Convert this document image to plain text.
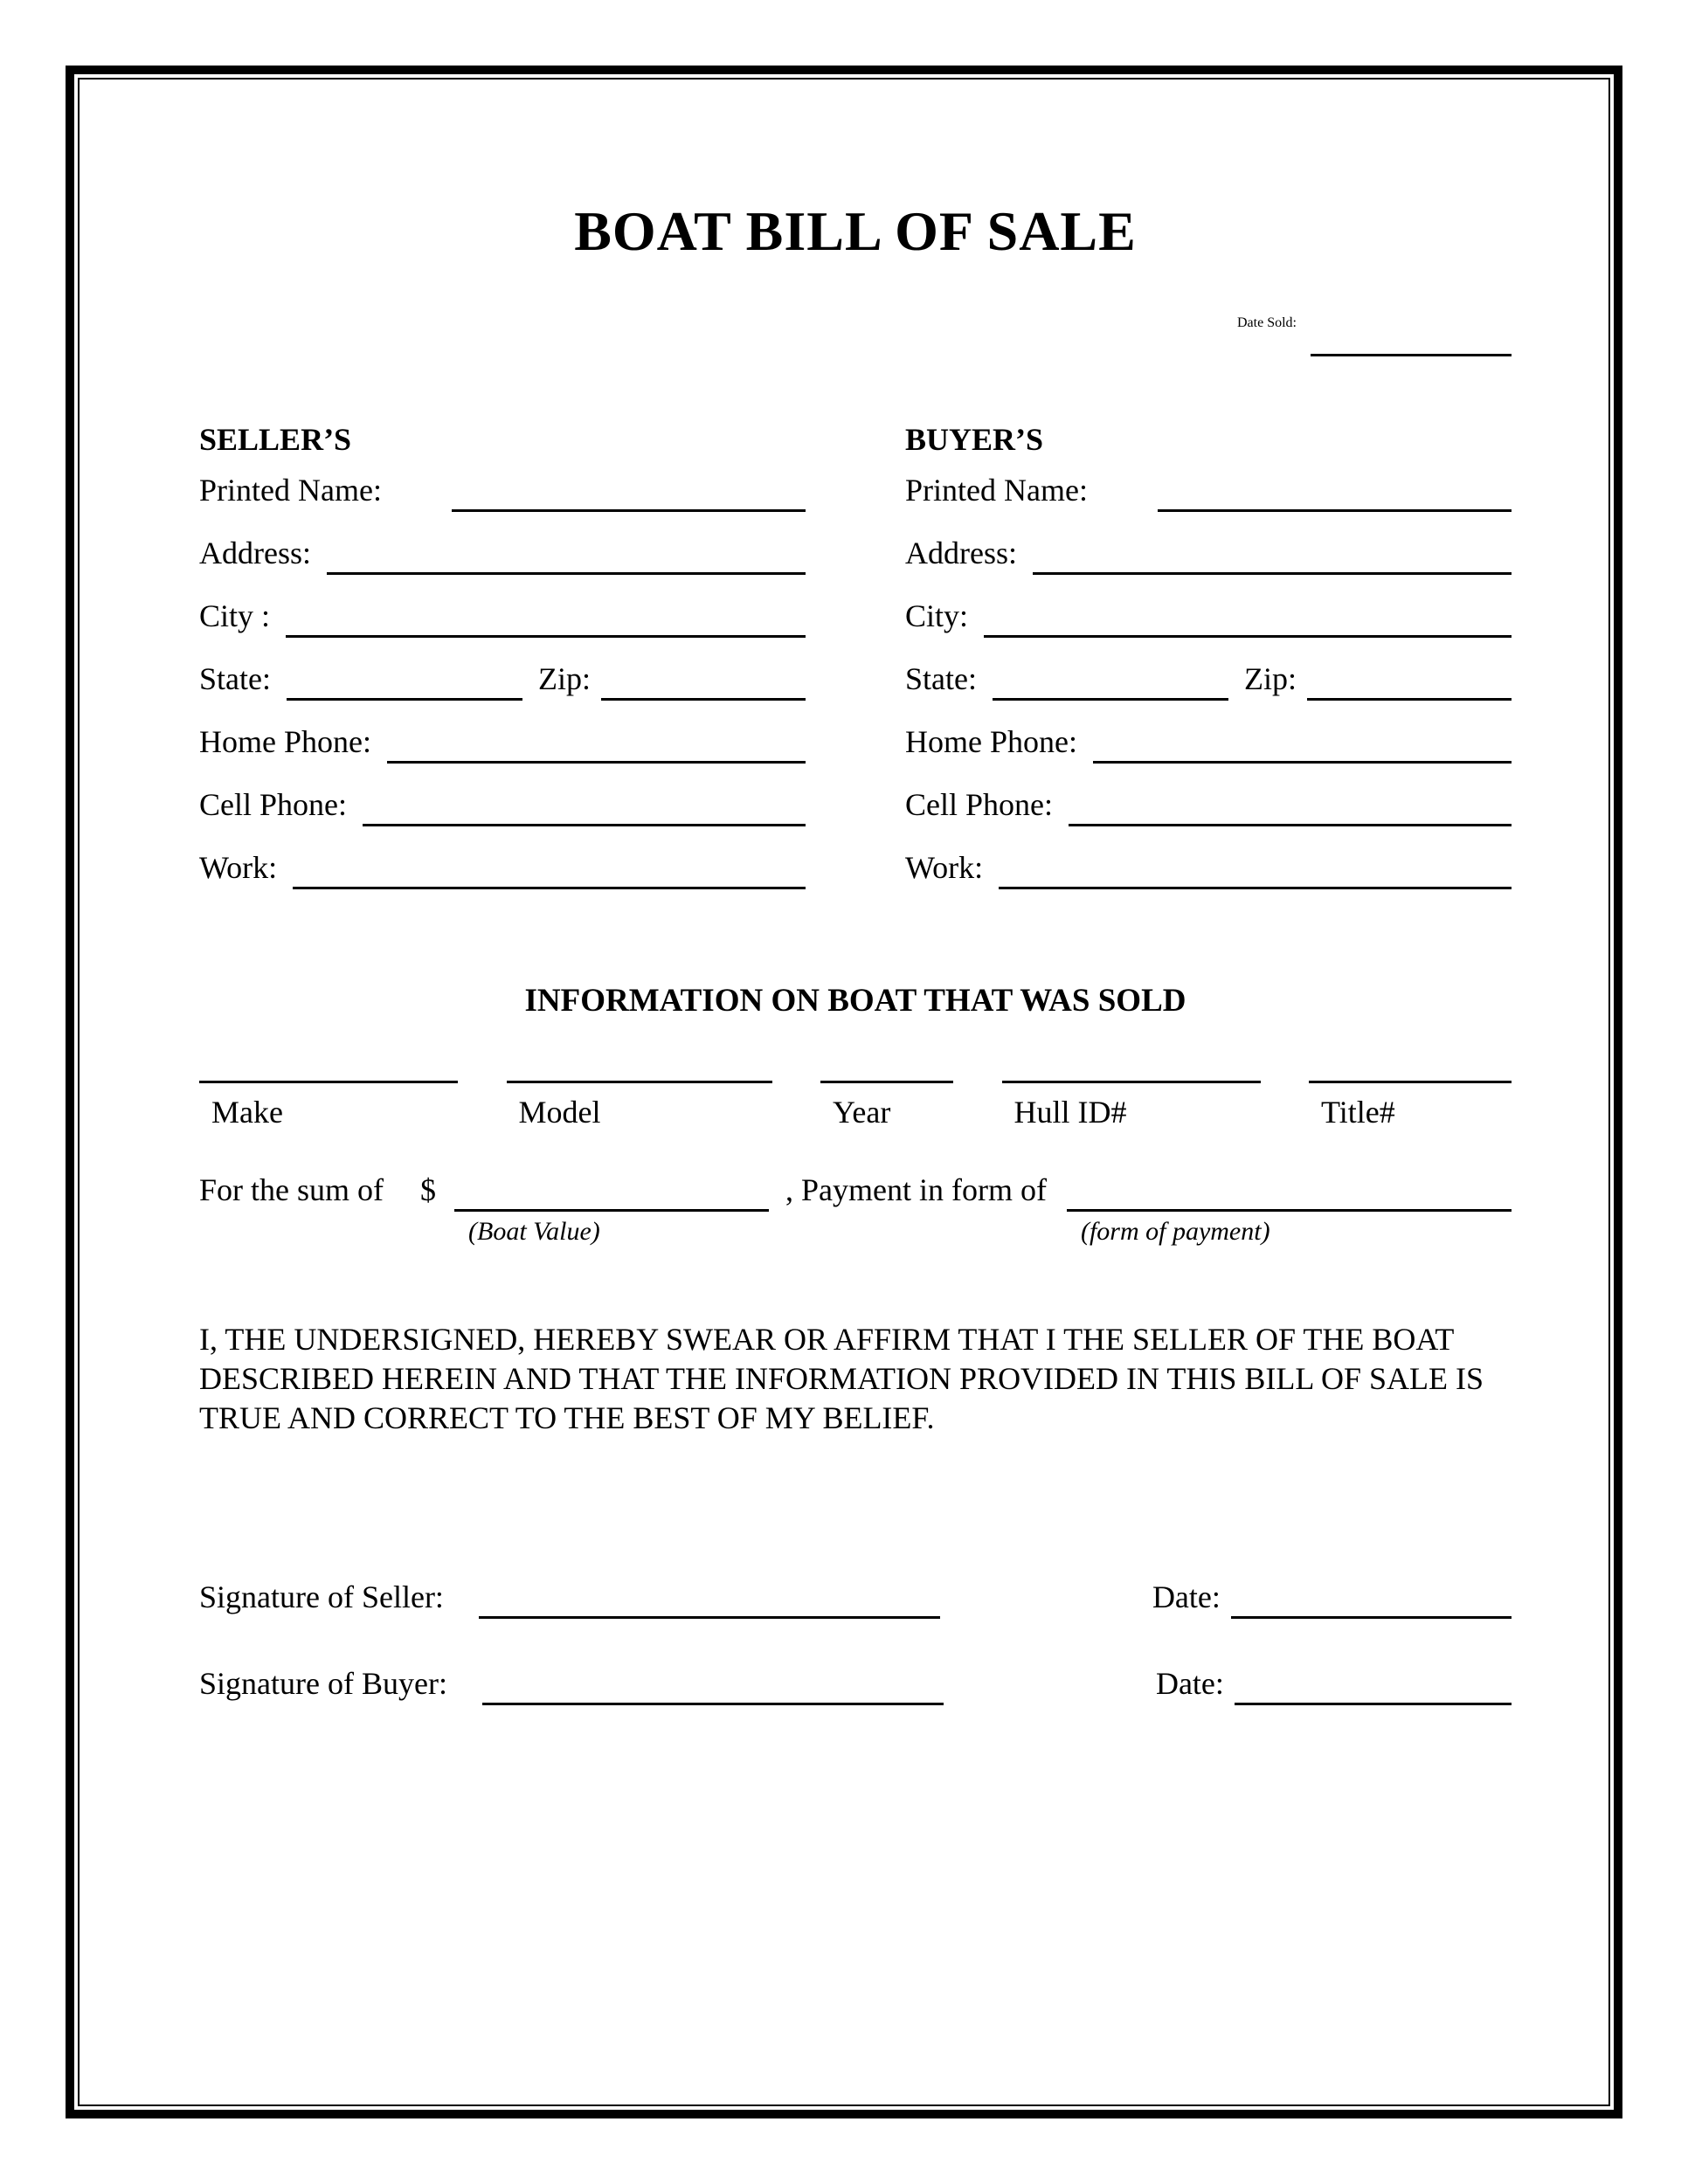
BOAT BILL OF SALE
Date Sold:
SELLER’S
Printed Name:
Address:
City :
State:	Zip:
Home Phone:
Cell Phone:
Work:
BUYER’S
Printed Name:
Address:
City:
State:	Zip:
Home Phone:
Cell Phone:
Work:
INFORMATION ON BOAT THAT WAS SOLD
Make	Model	Year	Hull ID#	Title#
For the sum of $
(Boat Value)
, Payment in form of
(form of payment)
I, THE UNDERSIGNED, HEREBY SWEAR OR AFFIRM THAT I THE SELLER OF THE BOAT
DESCRIBED HEREIN AND THAT THE INFORMATION PROVIDED IN THIS BILL OF SALE IS
TRUE AND CORRECT TO THE BEST OF MY BELIEF.
Signature of Seller:	Date:
Signature of Buyer:	Date:
